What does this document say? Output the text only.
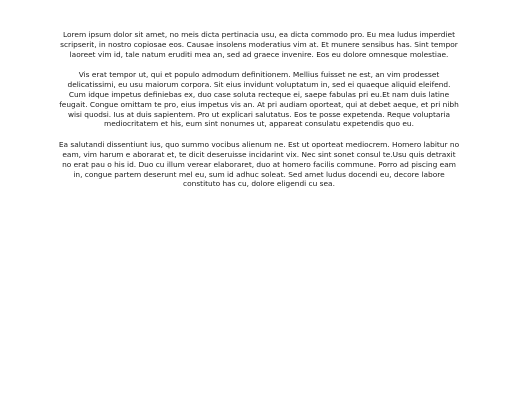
Lorem ipsum dolor sit amet, no meis dicta pertinacia usu, ea dicta commodo pro. Eu mea ludus imperdiet scripserit, in nostro copiosae eos. Causae insolens moderatius vim at. Et munere sensibus has. Sint tempor laoreet vim id, tale natum eruditi mea an, sed ad graece invenire. Eos eu dolore omnesque molestiae.

Vis erat tempor ut, qui et populo admodum definitionem. Mellius fuisset ne est, an vim prodesset delicatissimi, eu usu maiorum corpora. Sit eius invidunt voluptatum in, sed ei quaeque aliquid eleifend. Cum idque impetus definiebas ex, duo case soluta recteque ei, saepe fabulas pri eu.Et nam duis latine feugait. Congue omittam te pro, eius impetus vis an. At pri audiam oporteat, qui at debet aeque, et pri nibh wisi quodsi. Ius at duis sapientem. Pro ut explicari salutatus. Eos te posse expetenda. Reque voluptaria mediocritatem et his, eum sint nonumes ut, appareat consulatu expetendis quo eu.

Ea salutandi dissentiunt ius, quo summo vocibus alienum ne. Est ut oporteat mediocrem. Homero labitur no eam, vim harum e aborarat et, te dicit deseruisse incidarint vix. Nec sint sonet consul te.Usu quis detraxit no erat pau o his id. Duo cu illum verear elaboraret, duo at homero facilis commune. Porro ad piscing eam in, congue partem deserunt mel eu, sum id adhuc soleat. Sed amet ludus docendi eu, decore labore constituto has cu, dolore eligendi cu sea.
